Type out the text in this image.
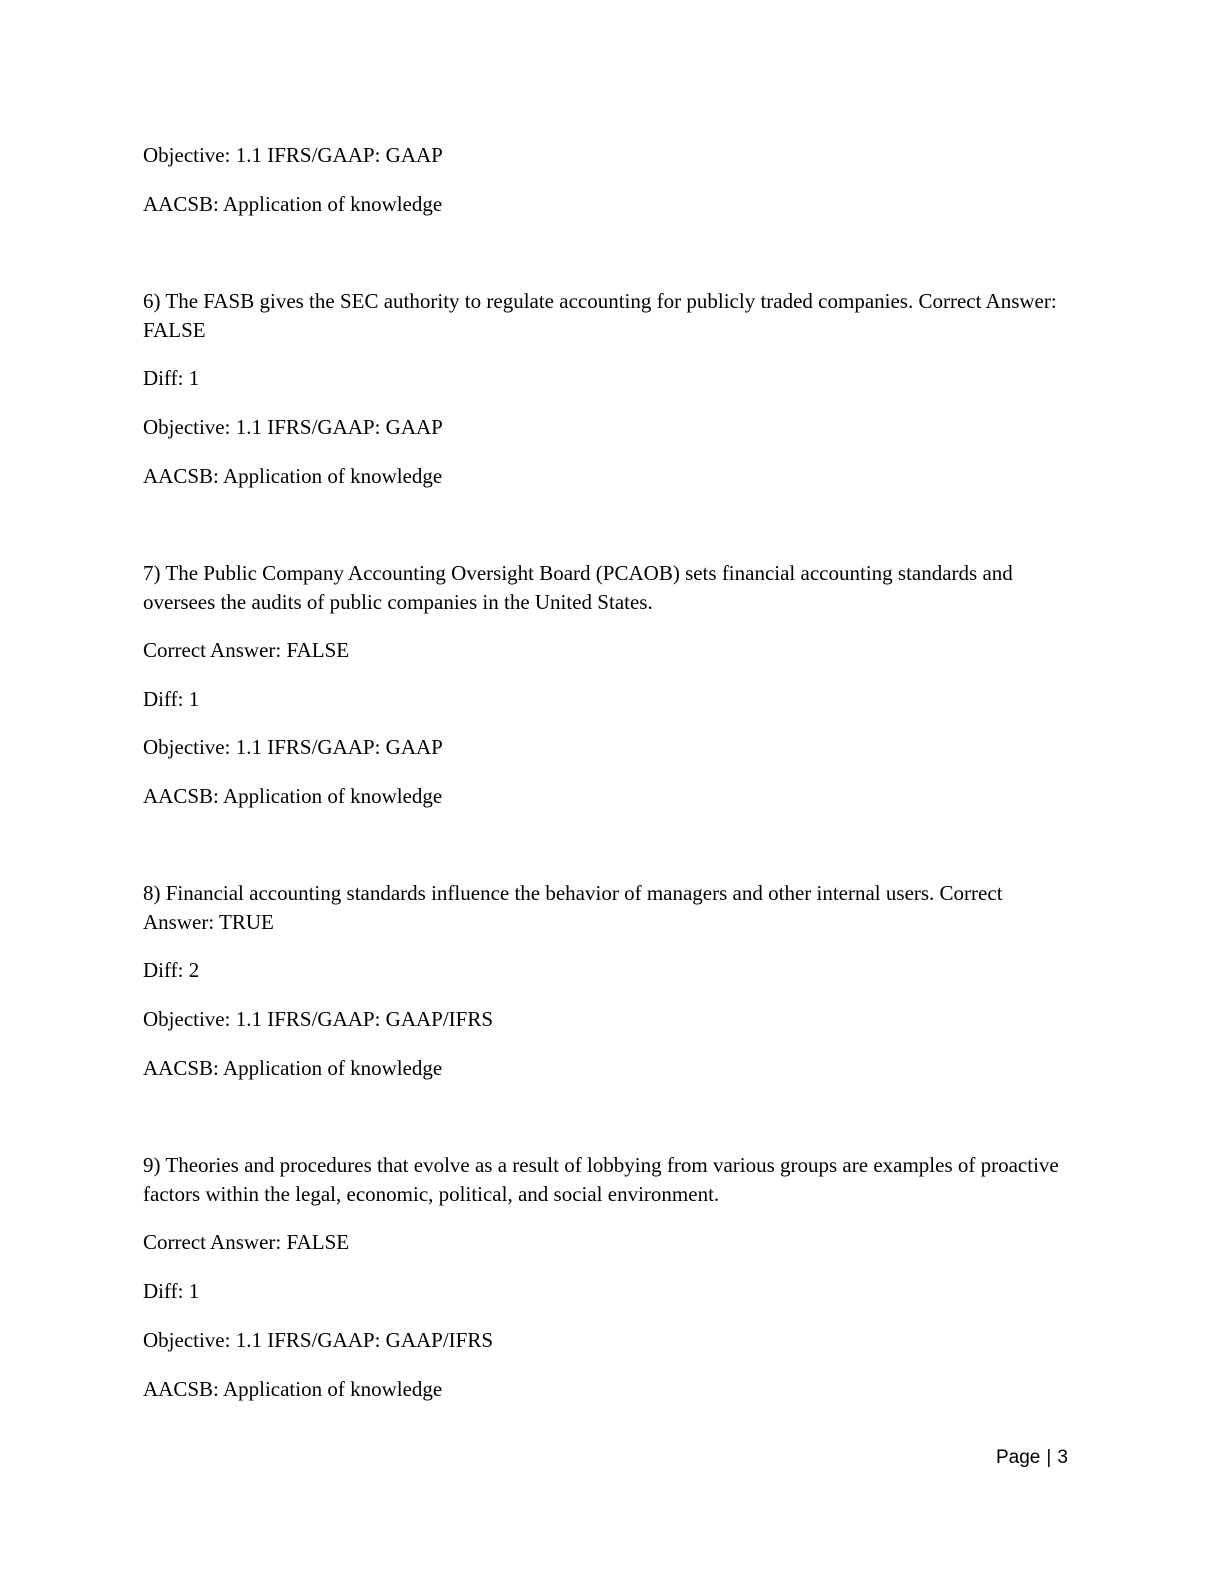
Objective: 1.1 IFRS/GAAP: GAAP

AACSB: Application of knowledge

6) The FASB gives the SEC authority to regulate accounting for publicly traded companies. Correct Answer: FALSE

Diff: 1

Objective: 1.1 IFRS/GAAP: GAAP

AACSB: Application of knowledge

7) The Public Company Accounting Oversight Board (PCAOB) sets financial accounting standards and oversees the audits of public companies in the United States.

Correct Answer: FALSE

Diff: 1

Objective: 1.1 IFRS/GAAP: GAAP

AACSB: Application of knowledge

8) Financial accounting standards influence the behavior of managers and other internal users. Correct Answer: TRUE

Diff: 2

Objective: 1.1 IFRS/GAAP: GAAP/IFRS

AACSB: Application of knowledge

9) Theories and procedures that evolve as a result of lobbying from various groups are examples of proactive factors within the legal, economic, political, and social environment.

Correct Answer: FALSE

Diff: 1

Objective: 1.1 IFRS/GAAP: GAAP/IFRS

AACSB: Application of knowledge

Page | 3
